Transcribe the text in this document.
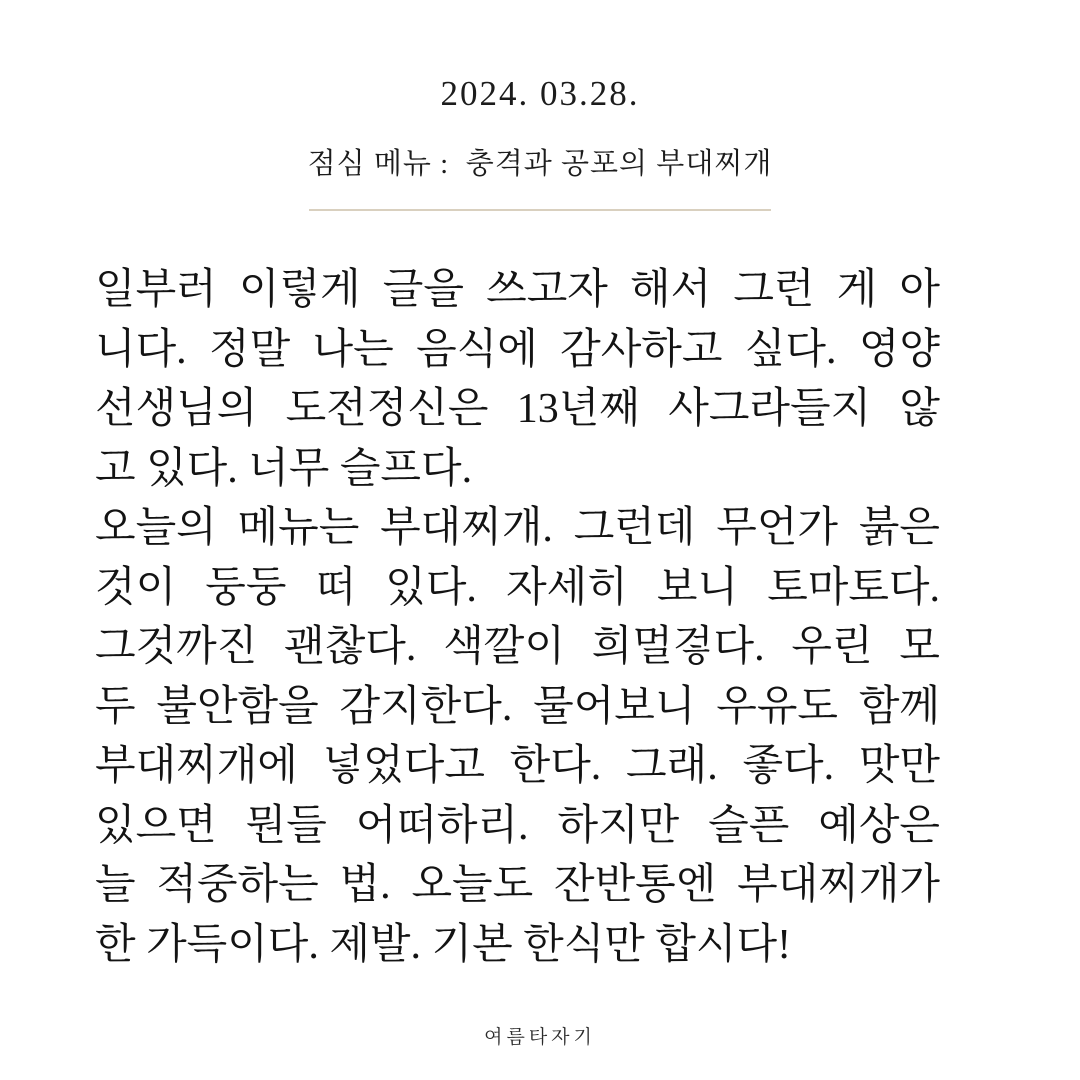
2024. 03.28.
점심 메뉴 :  충격과 공포의 부대찌개
일부러 이렇게 글을 쓰고자 해서 그런 게 아
니다. 정말 나는 음식에 감사하고 싶다. 영양
선생님의 도전정신은 13년째 사그라들지 않
고 있다. 너무 슬프다.
오늘의 메뉴는 부대찌개. 그런데 무언가 붉은
것이 둥둥 떠 있다. 자세히 보니 토마토다.
그것까진 괜찮다. 색깔이 희멀겋다. 우린 모
두 불안함을 감지한다. 물어보니 우유도 함께
부대찌개에 넣었다고 한다. 그래. 좋다. 맛만
있으면 뭔들 어떠하리. 하지만 슬픈 예상은
늘 적중하는 법. 오늘도 잔반통엔 부대찌개가
한 가득이다. 제발. 기본 한식만 합시다!
여름타자기
